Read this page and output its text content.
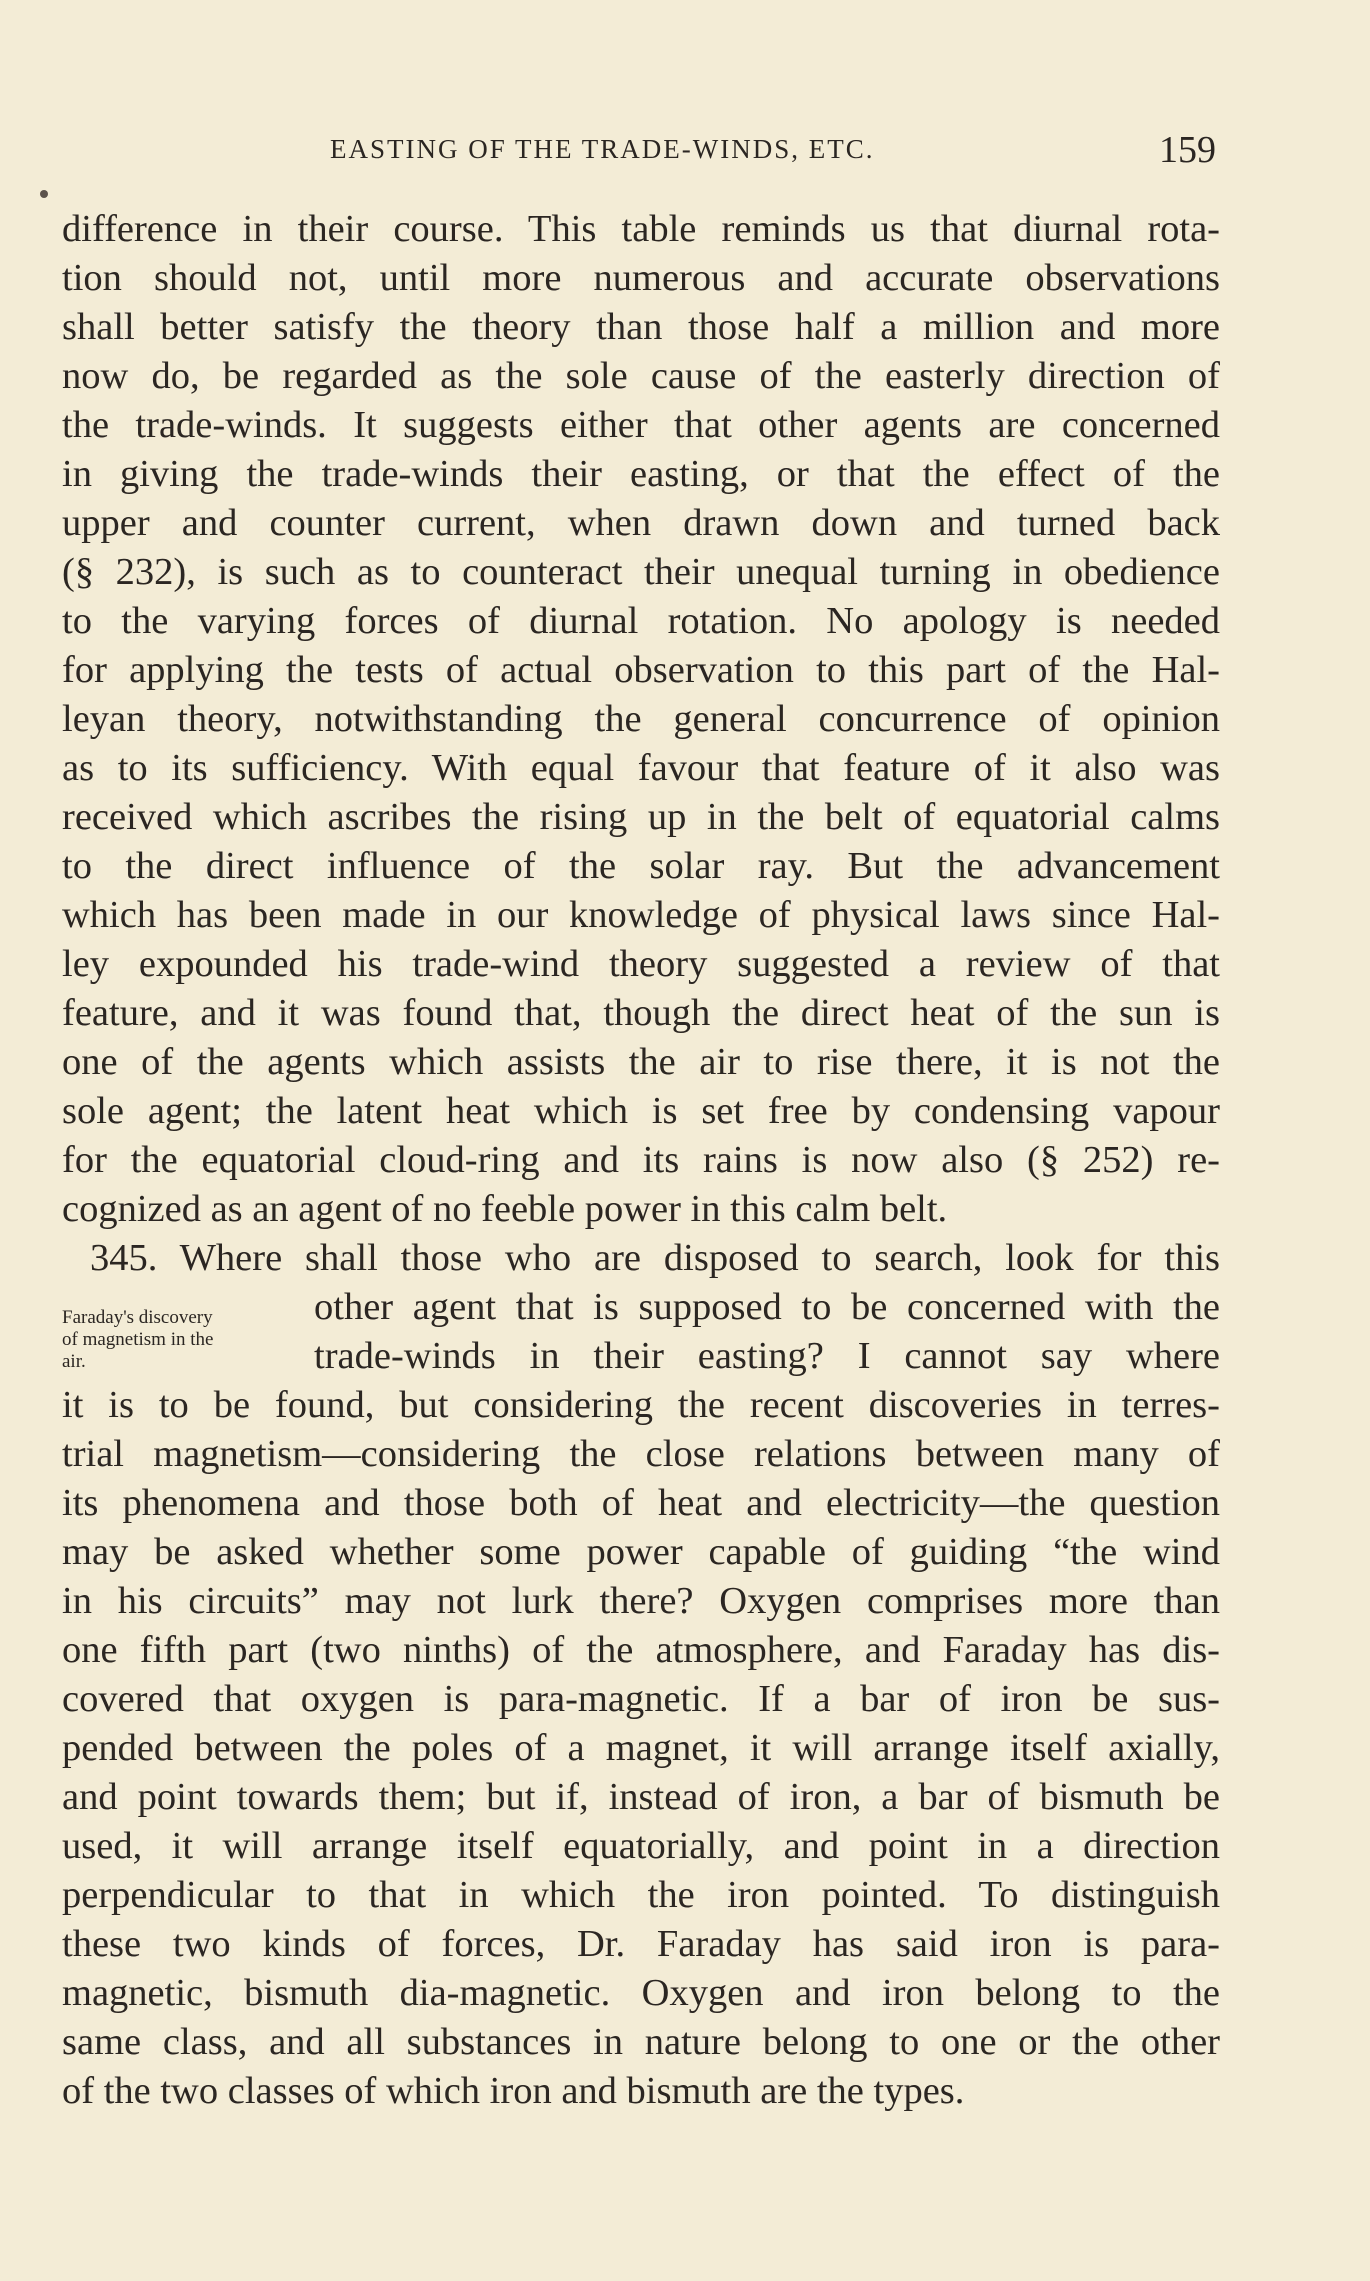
EASTING OF THE TRADE-WINDS, ETC.	159
Faraday's discovery
of magnetism in the
air.
difference in their course. This table reminds us that diurnal rota-
tion should not, until more numerous and accurate observations
shall better satisfy the theory than those half a million and more
now do, be regarded as the sole cause of the easterly direction of
the trade-winds. It suggests either that other agents are concerned
in giving the trade-winds their easting, or that the effect of the
upper and counter current, when drawn down and turned back
(§ 232), is such as to counteract their unequal turning in obedience
to the varying forces of diurnal rotation. No apology is needed
for applying the tests of actual observation to this part of the Hal-
leyan theory, notwithstanding the general concurrence of opinion
as to its sufficiency. With equal favour that feature of it also was
received which ascribes the rising up in the belt of equatorial calms
to the direct influence of the solar ray. But the advancement
which has been made in our knowledge of physical laws since Hal-
ley expounded his trade-wind theory suggested a review of that
feature, and it was found that, though the direct heat of the sun is
one of the agents which assists the air to rise there, it is not the
sole agent; the latent heat which is set free by condensing vapour
for the equatorial cloud-ring and its rains is now also (§ 252) re-
cognized as an agent of no feeble power in this calm belt.
345. Where shall those who are disposed to search, look for this
other agent that is supposed to be concerned with the
trade-winds in their easting? I cannot say where
it is to be found, but considering the recent discoveries in terres-
trial magnetism—considering the close relations between many of
its phenomena and those both of heat and electricity—the question
may be asked whether some power capable of guiding “the wind
in his circuits” may not lurk there? Oxygen comprises more than
one fifth part (two ninths) of the atmosphere, and Faraday has dis-
covered that oxygen is para-magnetic. If a bar of iron be sus-
pended between the poles of a magnet, it will arrange itself axially,
and point towards them; but if, instead of iron, a bar of bismuth be
used, it will arrange itself equatorially, and point in a direction
perpendicular to that in which the iron pointed. To distinguish
these two kinds of forces, Dr. Faraday has said iron is para-
magnetic, bismuth dia-magnetic. Oxygen and iron belong to the
same class, and all substances in nature belong to one or the other
of the two classes of which iron and bismuth are the types.
